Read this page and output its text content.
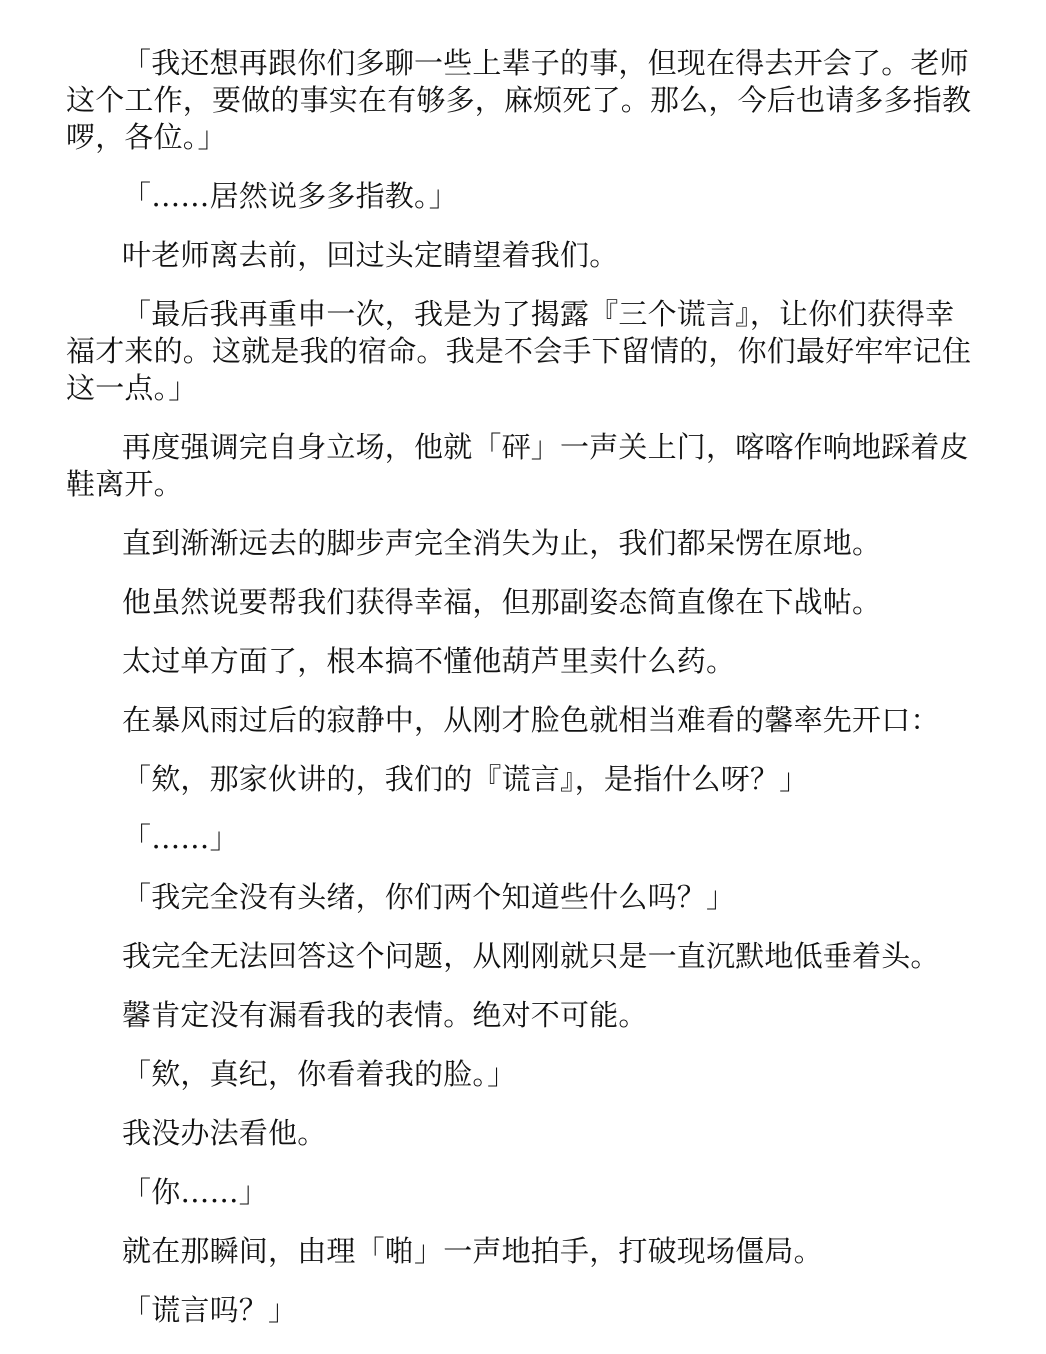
「我还想再跟你们多聊一些上辈子的事，但现在得去开会了。老师这个工作，要做的事实在有够多，麻烦死了。那么，今后也请多多指教啰，各位。」

「……居然说多多指教。」

叶老师离去前，回过头定睛望着我们。

「最后我再重申一次，我是为了揭露『三个谎言』，让你们获得幸福才来的。这就是我的宿命。我是不会手下留情的，你们最好牢牢记住这一点。」

再度强调完自身立场，他就「砰」一声关上门，喀喀作响地踩着皮鞋离开。

直到渐渐远去的脚步声完全消失为止，我们都呆愣在原地。

他虽然说要帮我们获得幸福，但那副姿态简直像在下战帖。

太过单方面了，根本搞不懂他葫芦里卖什么药。

在暴风雨过后的寂静中，从刚才脸色就相当难看的馨率先开口：

「欸，那家伙讲的，我们的『谎言』，是指什么呀？」

「……」

「我完全没有头绪，你们两个知道些什么吗？」

我完全无法回答这个问题，从刚刚就只是一直沉默地低垂着头。

馨肯定没有漏看我的表情。绝对不可能。

「欸，真纪，你看着我的脸。」

我没办法看他。

「你……」

就在那瞬间，由理「啪」一声地拍手，打破现场僵局。

「谎言吗？」
